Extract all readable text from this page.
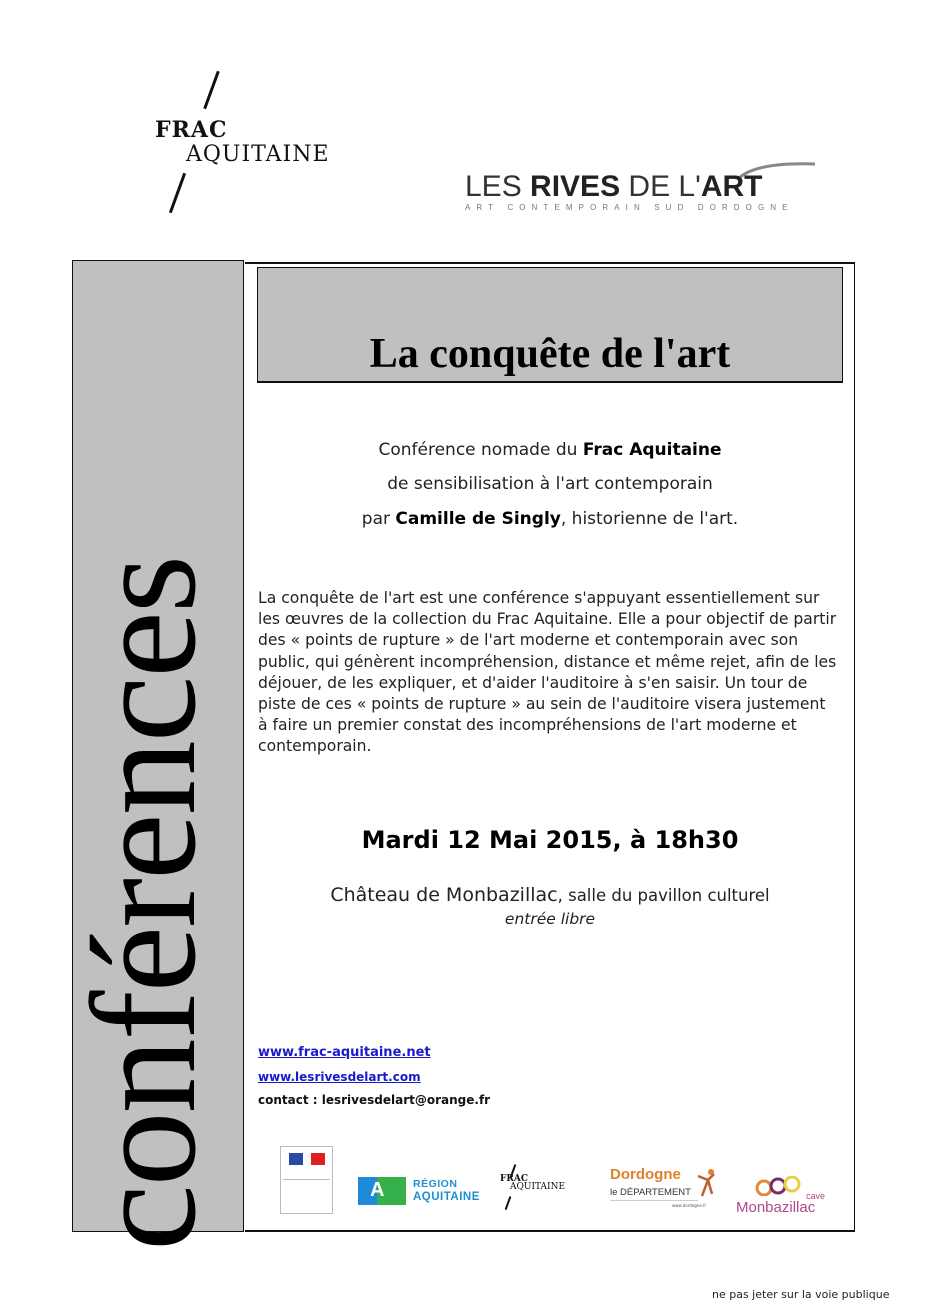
FRAC
AQUITAINE
LES RIVES DE L'ART
ART CONTEMPORAIN SUD DORDOGNE
conférences
La conquête de l'art
Conférence nomade du Frac Aquitaine
de sensibilisation à l'art contemporain
par Camille de Singly, historienne de l'art.
La conquête de l'art est une conférence s'appuyant essentiellement sur les œuvres de la collection du Frac Aquitaine. Elle a pour objectif de partir des « points de rupture » de l'art moderne et contemporain avec son public, qui génèrent incompréhension, distance et même rejet, afin de les déjouer, de les expliquer, et d'aider l'auditoire à s'en saisir. Un tour de piste de ces « points de rupture » au sein de l'auditoire visera justement à faire un premier constat des incompréhensions de l'art moderne et contemporain.
Mardi 12 Mai 2015, à 18h30
Château de Monbazillac, salle du pavillon culturel
entrée libre
www.frac-aquitaine.net
www.lesrivesdelart.com
contact : lesrivesdelart@orange.fr
A	RÉGION
AQUITAINE
FRAC
AQUITAINE
Dordogne
le DÉPARTEMENT
www.dordogne.fr
cave
Monbazillac
ne pas jeter sur la voie publique
